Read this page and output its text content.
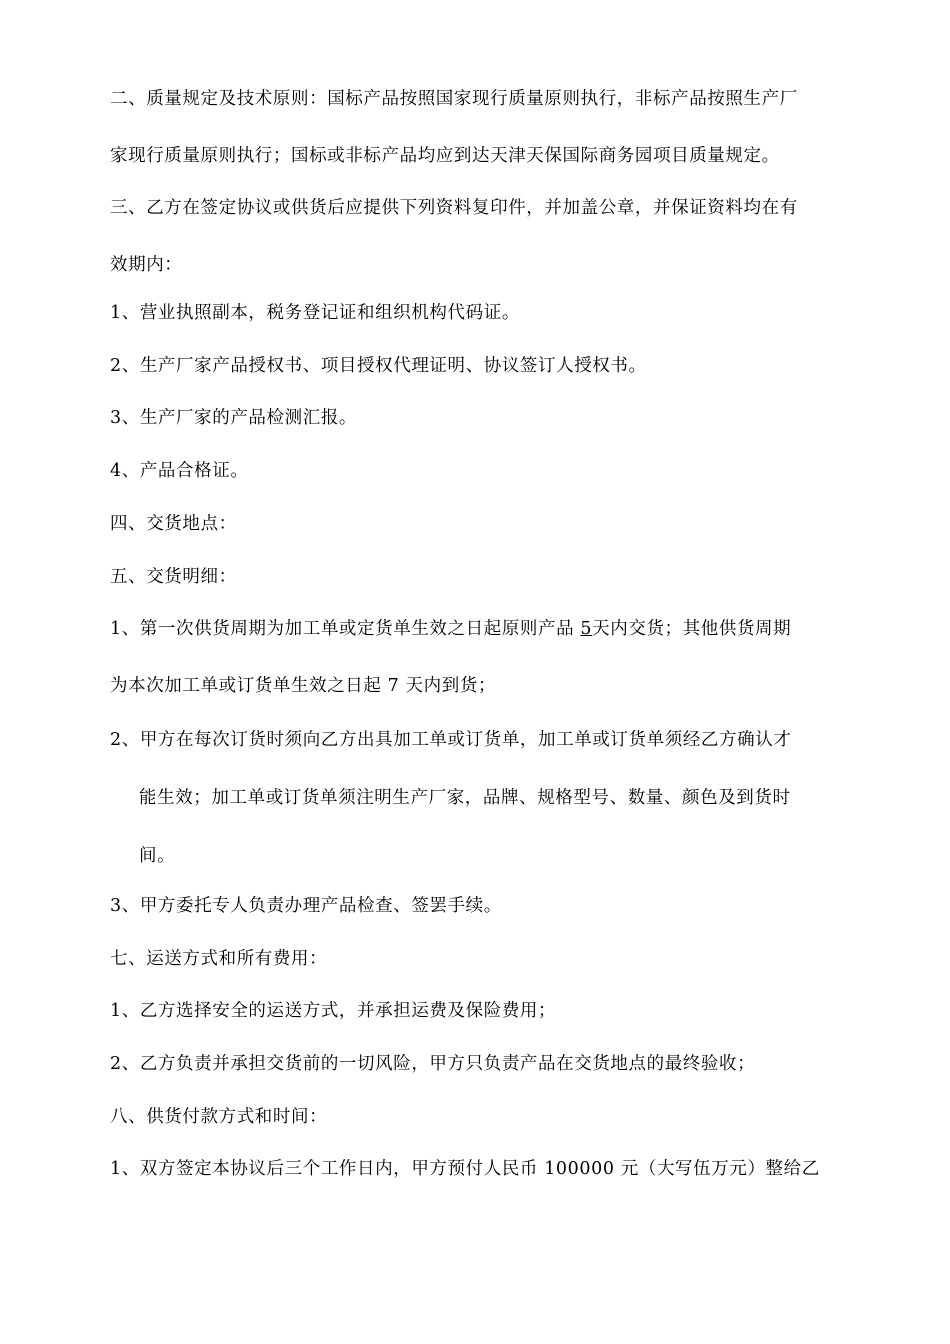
二、质量规定及技术原则：国标产品按照国家现行质量原则执行，非标产品按照生产厂
家现行质量原则执行；国标或非标产品均应到达天津天保国际商务园项目质量规定。
三、乙方在签定协议或供货后应提供下列资料复印件，并加盖公章，并保证资料均在有
效期内：
1、营业执照副本，税务登记证和组织机构代码证。
2、生产厂家产品授权书、项目授权代理证明、协议签订人授权书。
3、生产厂家的产品检测汇报。
4、产品合格证。
四、交货地点：
五、交货明细：
1、第一次供货周期为加工单或定货单生效之日起原则产品 5天内交货；其他供货周期
为本次加工单或订货单生效之日起 7 天内到货；
2、甲方在每次订货时须向乙方出具加工单或订货单，加工单或订货单须经乙方确认才
能生效；加工单或订货单须注明生产厂家，品牌、规格型号、数量、颜色及到货时
间。
3、甲方委托专人负责办理产品检查、签罢手续。
七、运送方式和所有费用：
1、乙方选择安全的运送方式，并承担运费及保险费用；
2、乙方负责并承担交货前的一切风险，甲方只负责产品在交货地点的最终验收；
八、供货付款方式和时间：
1、双方签定本协议后三个工作日内，甲方预付人民币 100000 元（大写伍万元）整给乙
